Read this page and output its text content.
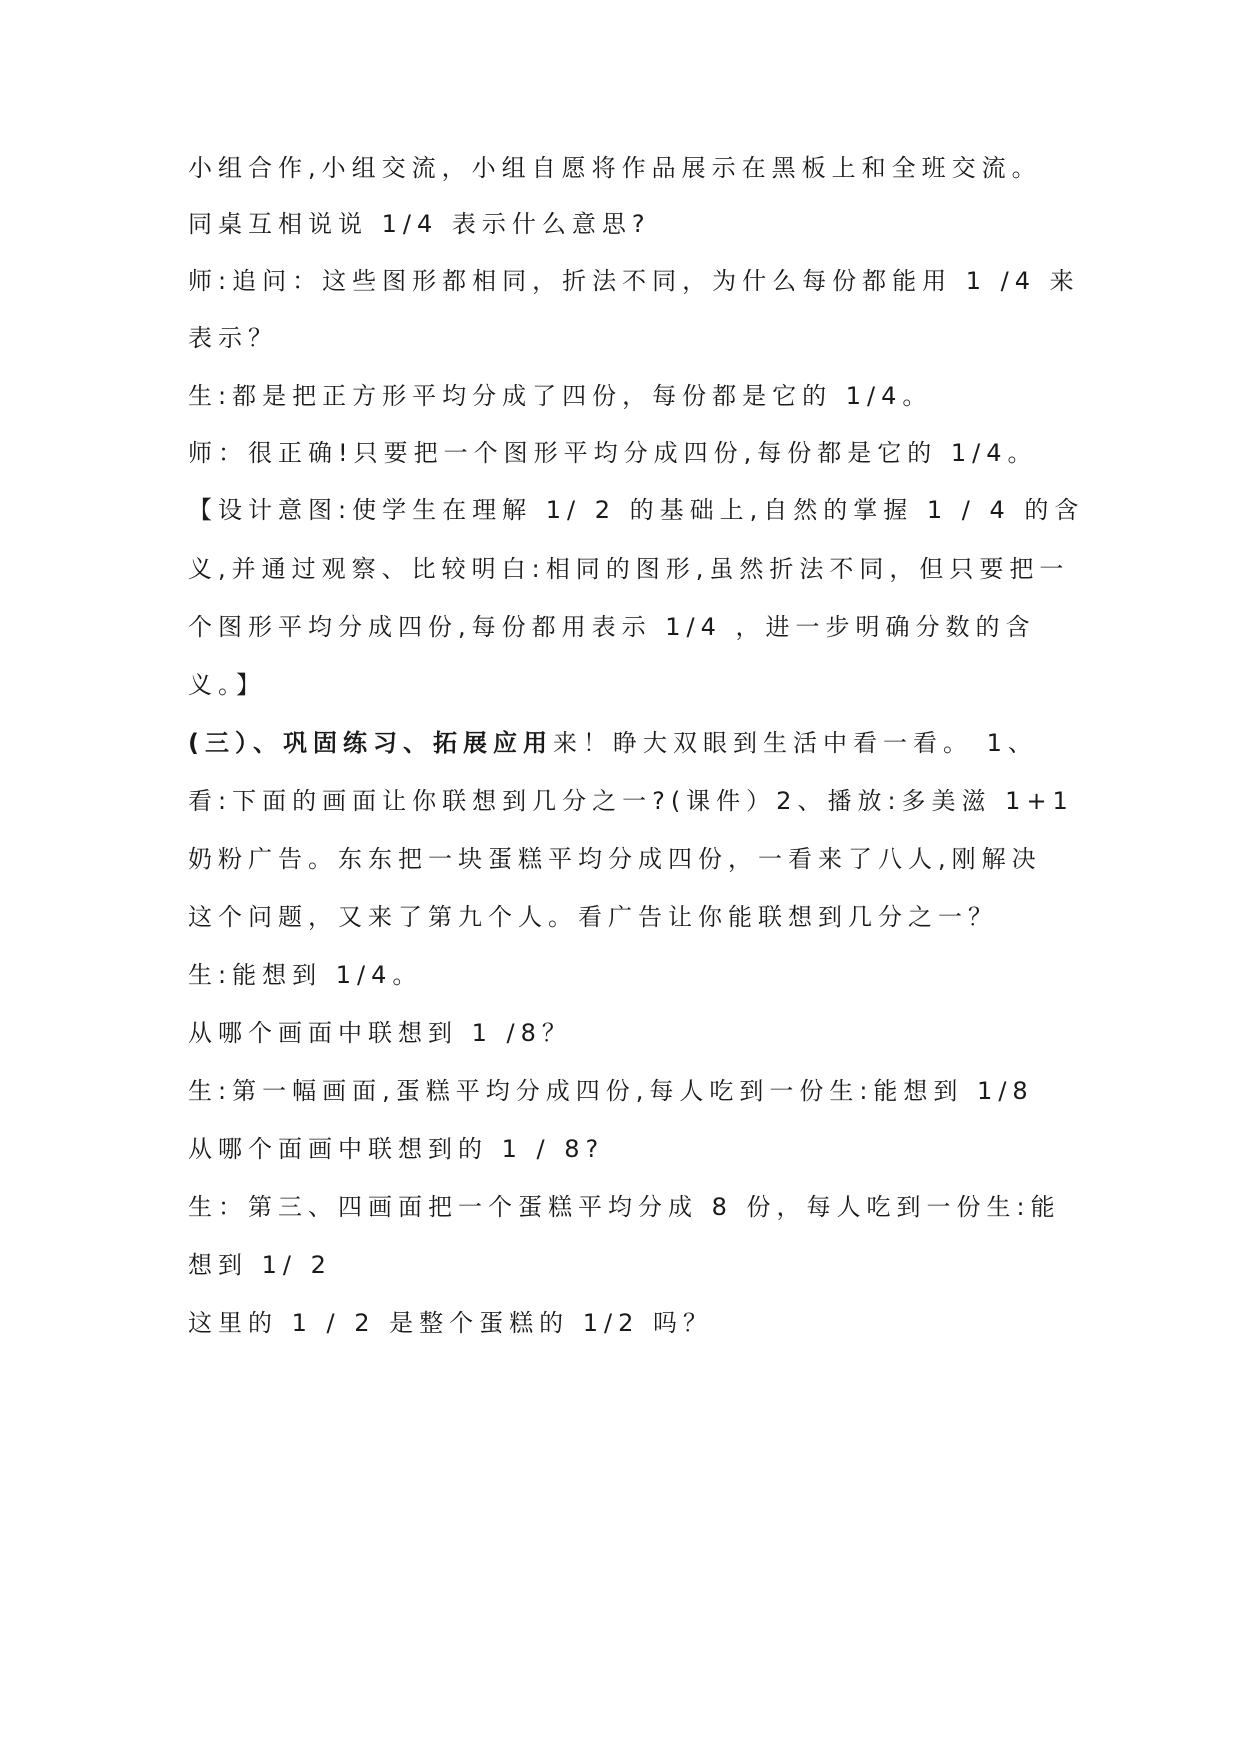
小组合作,小组交流，小组自愿将作品展示在黑板上和全班交流。
同桌互相说说 1/4 表示什么意思?
师:追问：这些图形都相同，折法不同，为什么每份都能用 1 /4 来
表示？
生:都是把正方形平均分成了四份，每份都是它的 1/4。
师：很正确!只要把一个图形平均分成四份,每份都是它的 1/4。
【设计意图:使学生在理解 1/ 2 的基础上,自然的掌握 1 / 4 的含
义,并通过观察、比较明白:相同的图形,虽然折法不同，但只要把一
个图形平均分成四份,每份都用表示 1/4 ，进一步明确分数的含
义。】
(三）、巩固练习、拓展应用来！睁大双眼到生活中看一看。 1、
看:下面的画面让你联想到几分之一?(课件）2、播放:多美滋 1+1
奶粉广告。东东把一块蛋糕平均分成四份，一看来了八人,刚解决
这个问题，又来了第九个人。看广告让你能联想到几分之一？
生:能想到 1/4。
从哪个画面中联想到 1 /8？
生:第一幅画面,蛋糕平均分成四份,每人吃到一份生:能想到 1/8
从哪个面画中联想到的 1 / 8?
生：第三、四画面把一个蛋糕平均分成 8 份，每人吃到一份生:能
想到 1/ 2
这里的 1 / 2 是整个蛋糕的 1/2 吗？
